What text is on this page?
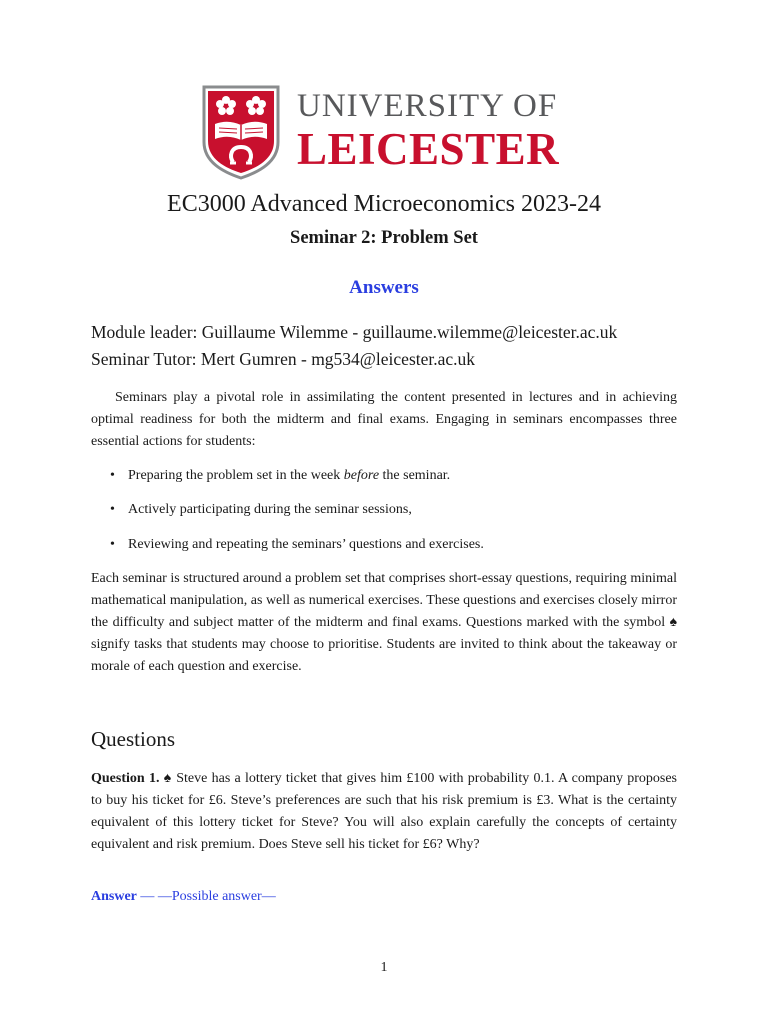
UNIVERSITY OF
LEICESTER
EC3000 Advanced Microeconomics 2023-24
Seminar 2: Problem Set
Answers
Module leader: Guillaume Wilemme - guillaume.wilemme@leicester.ac.uk
Seminar Tutor: Mert Gumren - mg534@leicester.ac.uk
Seminars play a pivotal role in assimilating the content presented in lectures and in achieving optimal readiness for both the midterm and final exams. Engaging in seminars encompasses three essential actions for students:
• Preparing the problem set in the week before the seminar.
• Actively participating during the seminar sessions,
• Reviewing and repeating the seminars’ questions and exercises.
Each seminar is structured around a problem set that comprises short-essay questions, requiring minimal mathematical manipulation, as well as numerical exercises. These questions and exercises closely mirror the difficulty and subject matter of the midterm and final exams. Questions marked with the symbol ♠ signify tasks that students may choose to prioritise. Students are invited to think about the takeaway or morale of each question and exercise.
Questions
Question 1. ♠ Steve has a lottery ticket that gives him £100 with probability 0.1. A company proposes to buy his ticket for £6. Steve’s preferences are such that his risk premium is £3. What is the certainty equivalent of this lottery ticket for Steve? You will also explain carefully the concepts of certainty equivalent and risk premium. Does Steve sell his ticket for £6? Why?
Answer — —Possible answer—
1
